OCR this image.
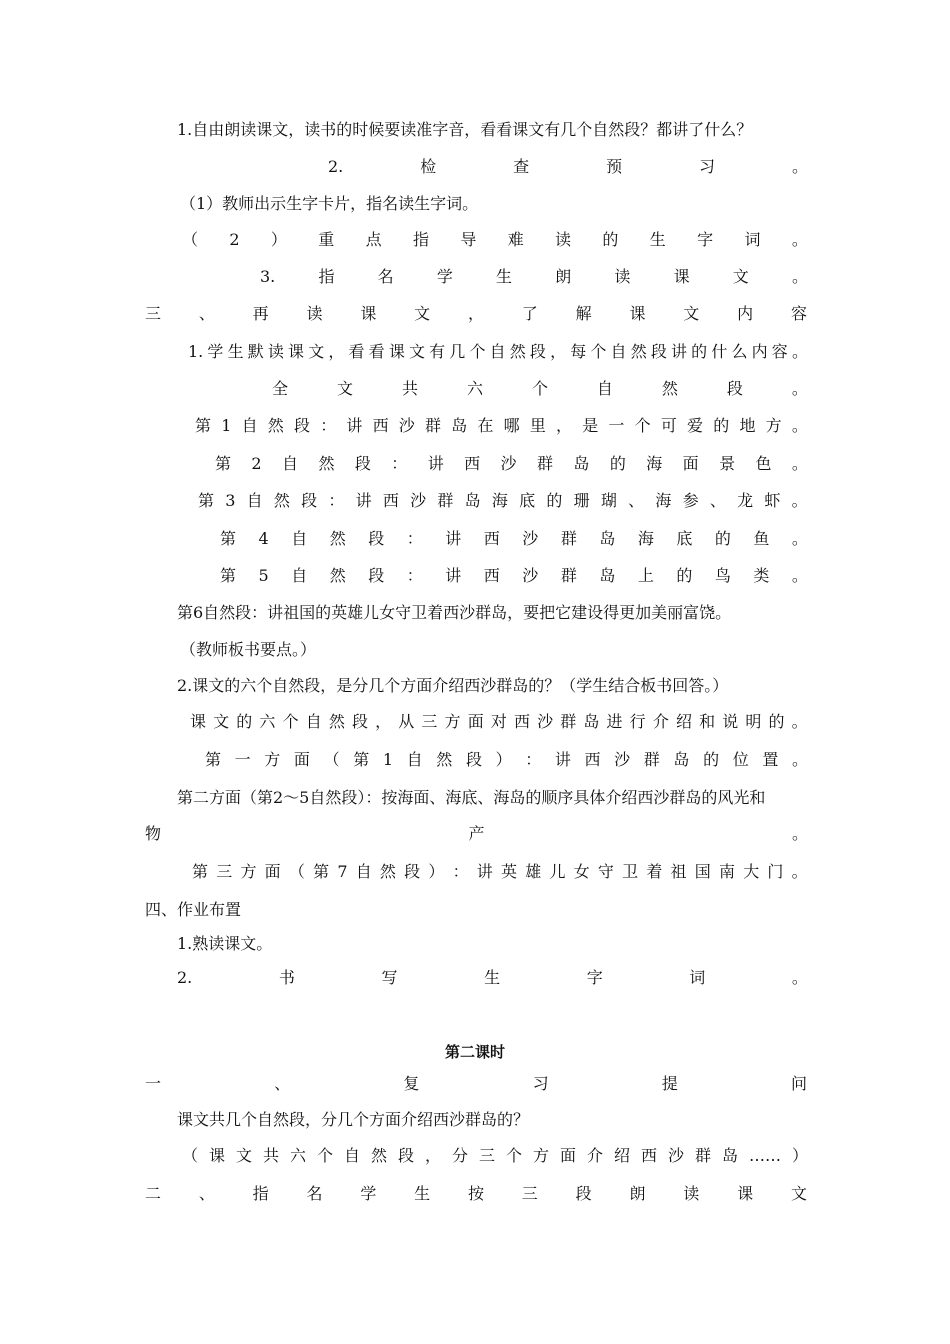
1.自由朗读课文，读书的时候要读准字音，看看课文有几个自然段？都讲了什么？
2.	检	查	预	习	。
（1）教师出示生字卡片，指名读生字词。
（ 2 ） 重 点 指 导 难 读 的 生 字 词 。
3.	指	名	学	生	朗	读	课	文	。
三 、 再 读 课 文 ， 了 解 课 文 内 容
1. 学 生 默 读 课 文 ， 看 看 课 文 有 几 个 自 然 段 ， 每 个 自 然 段 讲 的 什 么 内 容 。
全	文	共	六	个	自	然	段	。
第 1 自 然 段 ： 讲 西 沙 群 岛 在 哪 里 ， 是 一 个 可 爱 的 地 方 。
第 2 自 然 段 ： 讲 西 沙 群 岛 的 海 面 景 色 。
第 3 自 然 段 ： 讲 西 沙 群 岛 海 底 的 珊 瑚 、 海 参 、 龙 虾 。
第 4 自 然 段 ： 讲 西 沙 群 岛 海 底 的 鱼 。
第 5 自 然 段 ： 讲 西 沙 群 岛 上 的 鸟 类 。
第6自然段：讲祖国的英雄儿女守卫着西沙群岛，要把它建设得更加美丽富饶。
（教师板书要点。）
2.课文的六个自然段，是分几个方面介绍西沙群岛的？（学生结合板书回答。）
课 文 的 六 个 自 然 段 ， 从 三 方 面 对 西 沙 群 岛 进 行 介 绍 和 说 明 的 。
第 一 方 面 （ 第 1 自 然 段 ） ： 讲 西 沙 群 岛 的 位 置 。
第二方面（第2～5自然段）：按海面、海底、海岛的顺序具体介绍西沙群岛的风光和
物	产	。
第 三 方 面 （ 第 7 自 然 段 ） ： 讲 英 雄 儿 女 守 卫 着 祖 国 南 大 门 。
四、作业布置
1.熟读课文。
2.	书	写	生	字	词	。
第二课时
一	、	复	习	提	问
课文共几个自然段，分几个方面介绍西沙群岛的？
（ 课 文 共 六 个 自 然 段 ， 分 三 个 方 面 介 绍 西 沙 群 岛 …… ）
二 、 指 名 学 生 按 三 段 朗 读 课 文
